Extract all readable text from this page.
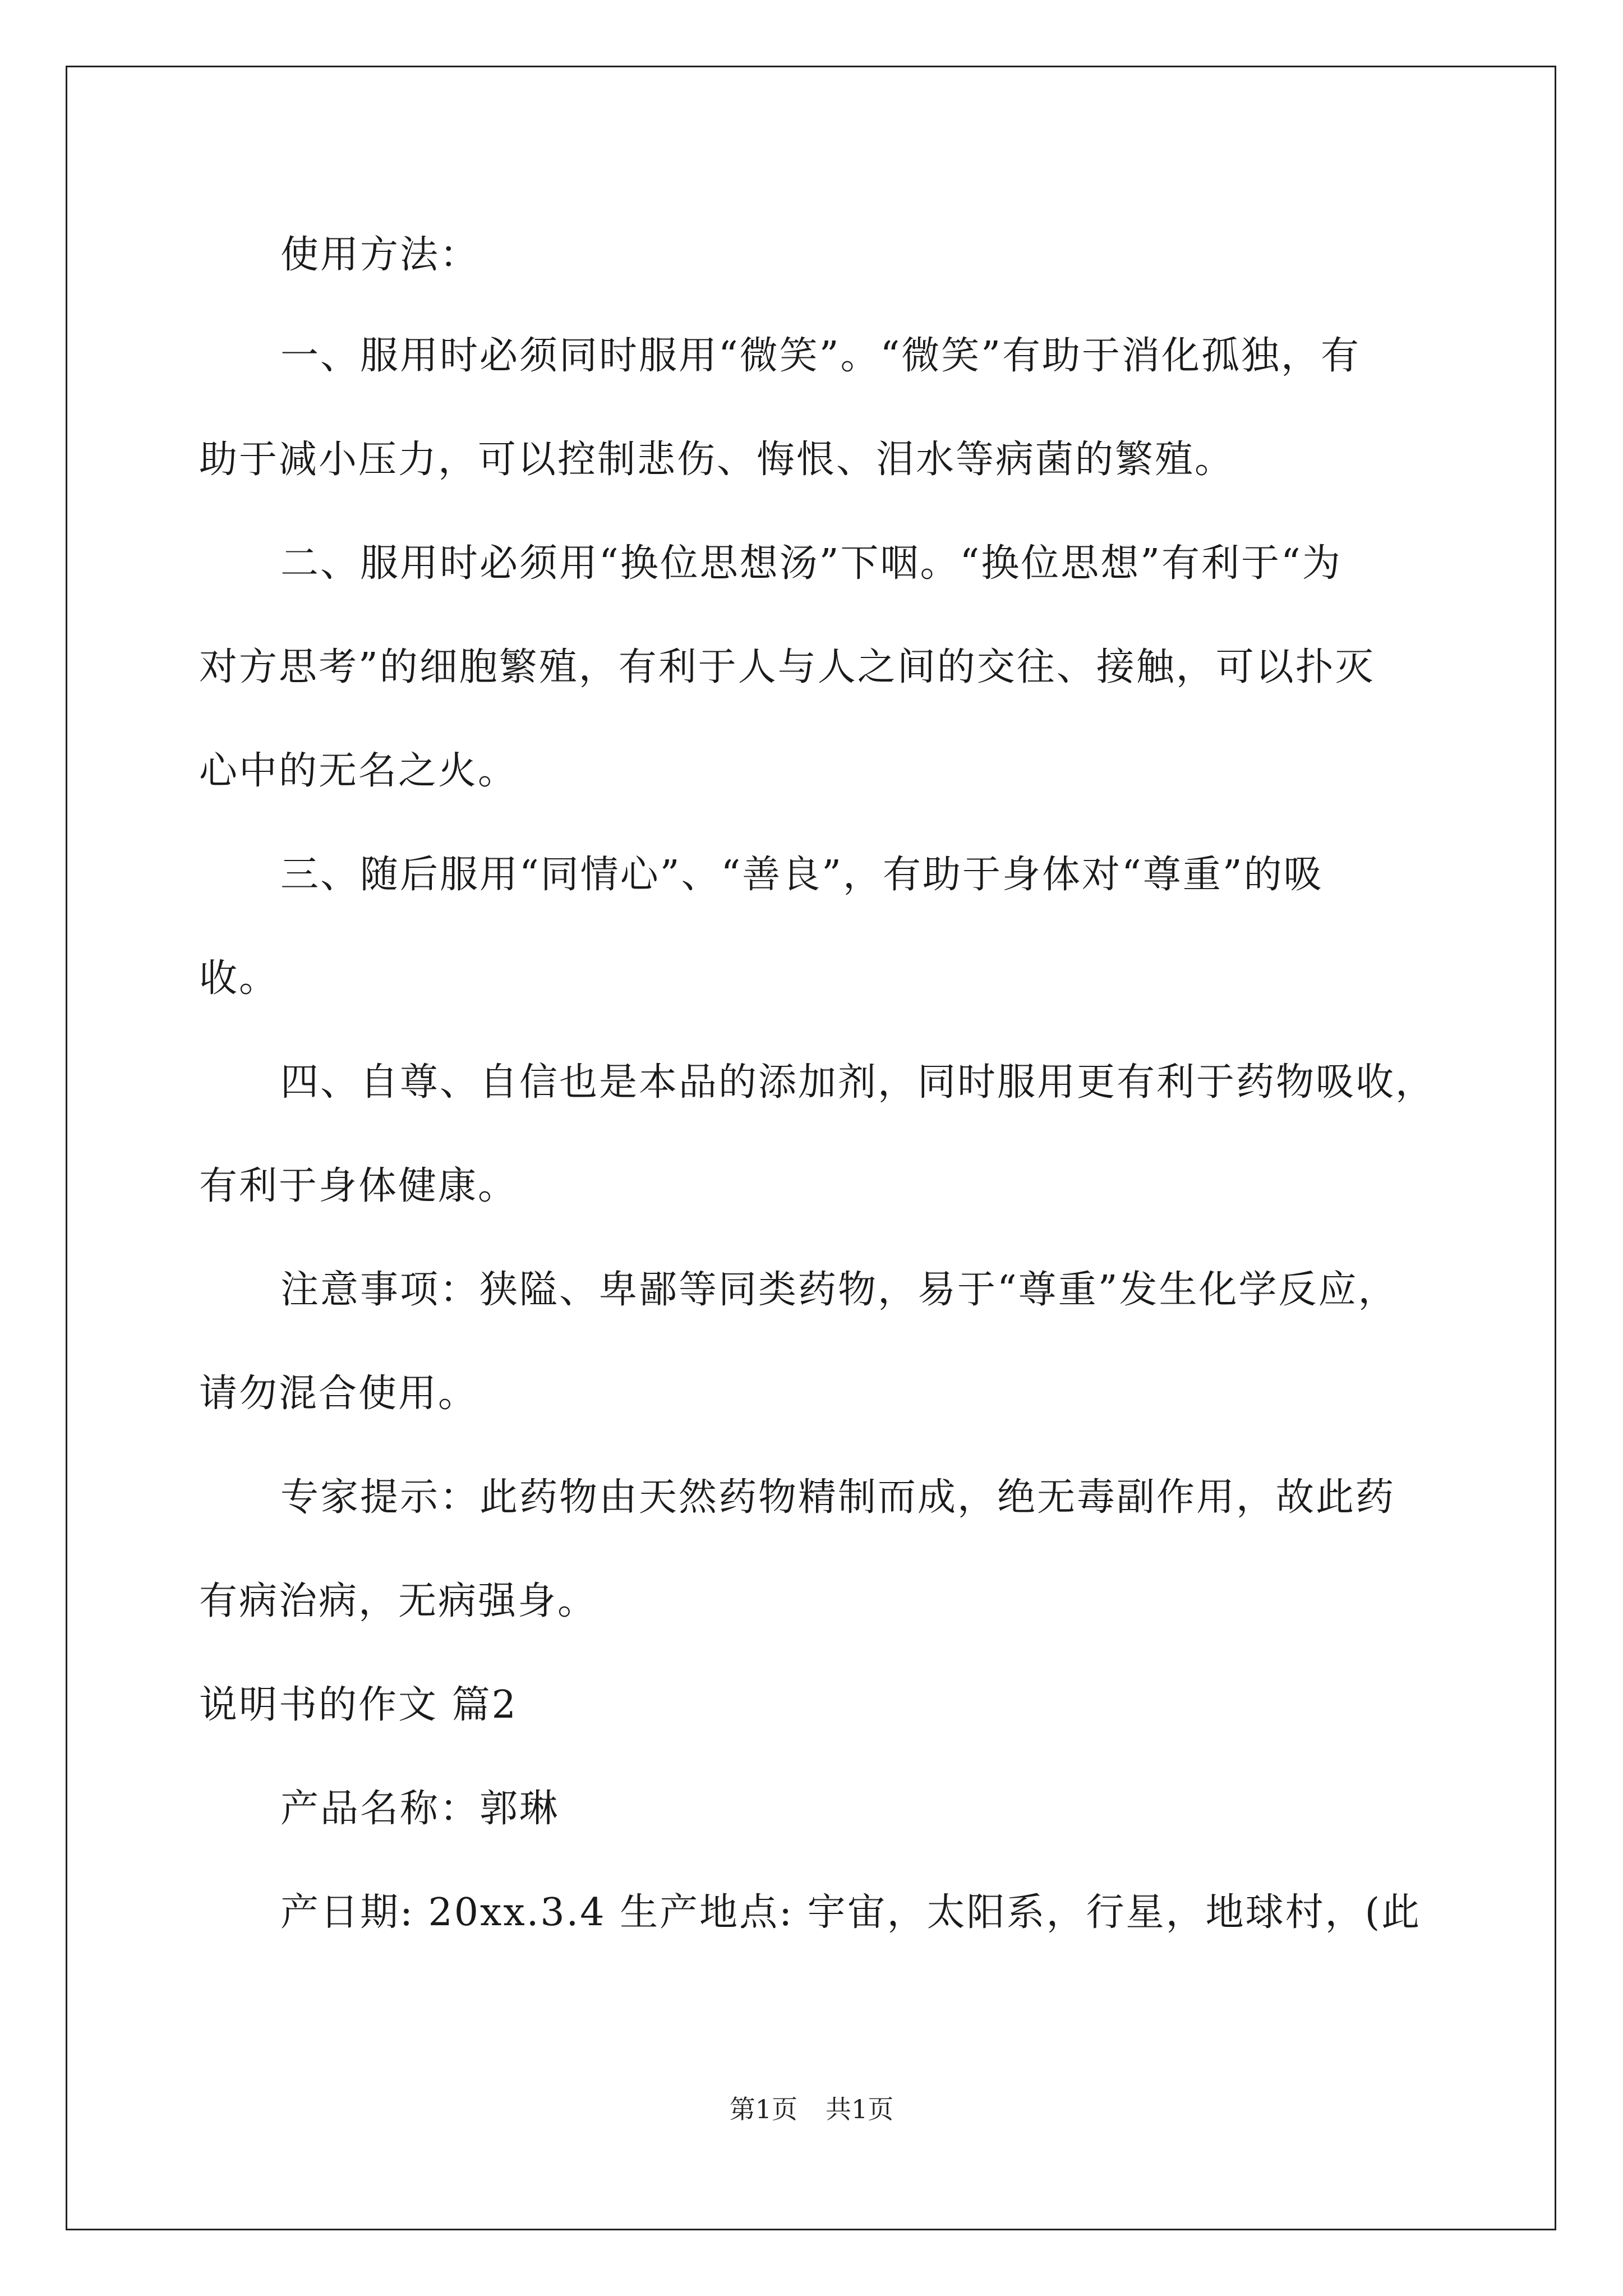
使用方法：
一、服用时必须同时服用“微笑”。“微笑”有助于消化孤独，有
助于减小压力，可以控制悲伤、悔恨、泪水等病菌的繁殖。
二、服用时必须用“换位思想汤”下咽。“换位思想”有利于“为
对方思考”的细胞繁殖，有利于人与人之间的交往、接触，可以扑灭
心中的无名之火。
三、随后服用“同情心”、“善良”，有助于身体对“尊重”的吸
收。
四、自尊、自信也是本品的添加剂，同时服用更有利于药物吸收，
有利于身体健康。
注意事项：狭隘、卑鄙等同类药物，易于“尊重”发生化学反应，
请勿混合使用。
专家提示：此药物由天然药物精制而成，绝无毒副作用，故此药
有病治病，无病强身。
说明书的作文 篇2
产品名称：郭琳
产日期: 20xx.3.4 生产地点: 宇宙，太阳系，行星，地球村，(此
第1页 共1页
